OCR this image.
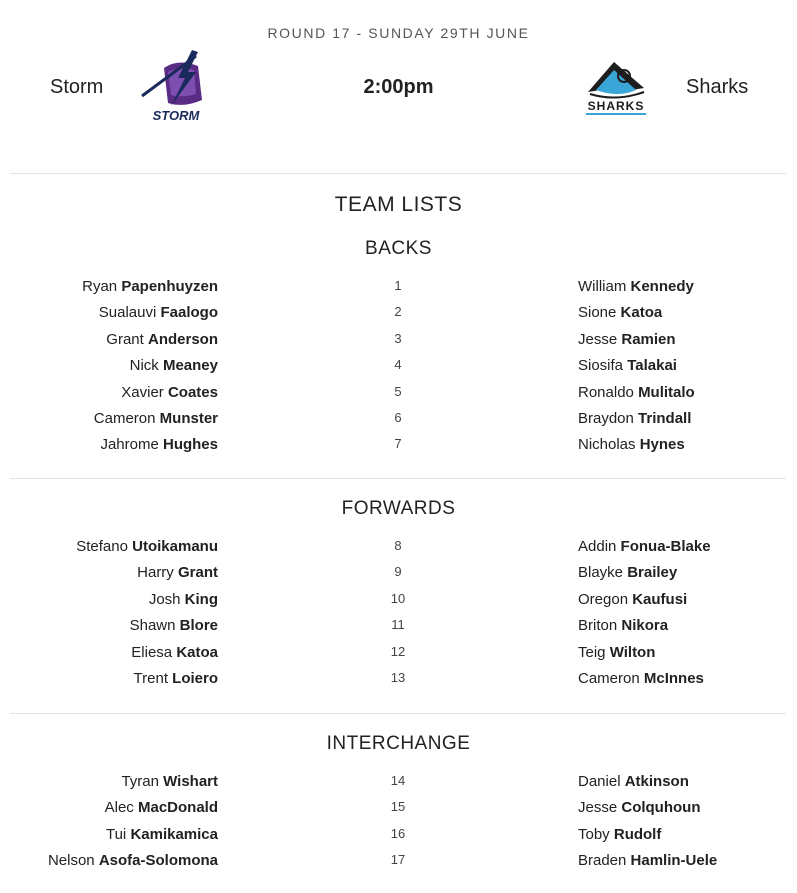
ROUND 17 - SUNDAY 29TH JUNE
Storm
STORM
2:00pm
SHARKS
Sharks
TEAM LISTS
BACKS
Ryan Papenhuyzen	1	William Kennedy
Sualauvi Faalogo	2	Sione Katoa
Grant Anderson	3	Jesse Ramien
Nick Meaney	4	Siosifa Talakai
Xavier Coates	5	Ronaldo Mulitalo
Cameron Munster	6	Braydon Trindall
Jahrome Hughes	7	Nicholas Hynes
FORWARDS
Stefano Utoikamanu	8	Addin Fonua-Blake
Harry Grant	9	Blayke Brailey
Josh King	10	Oregon Kaufusi
Shawn Blore	11	Briton Nikora
Eliesa Katoa	12	Teig Wilton
Trent Loiero	13	Cameron McInnes
INTERCHANGE
Tyran Wishart	14	Daniel Atkinson
Alec MacDonald	15	Jesse Colquhoun
Tui Kamikamica	16	Toby Rudolf
Nelson Asofa-Solomona	17	Braden Hamlin-Uele
